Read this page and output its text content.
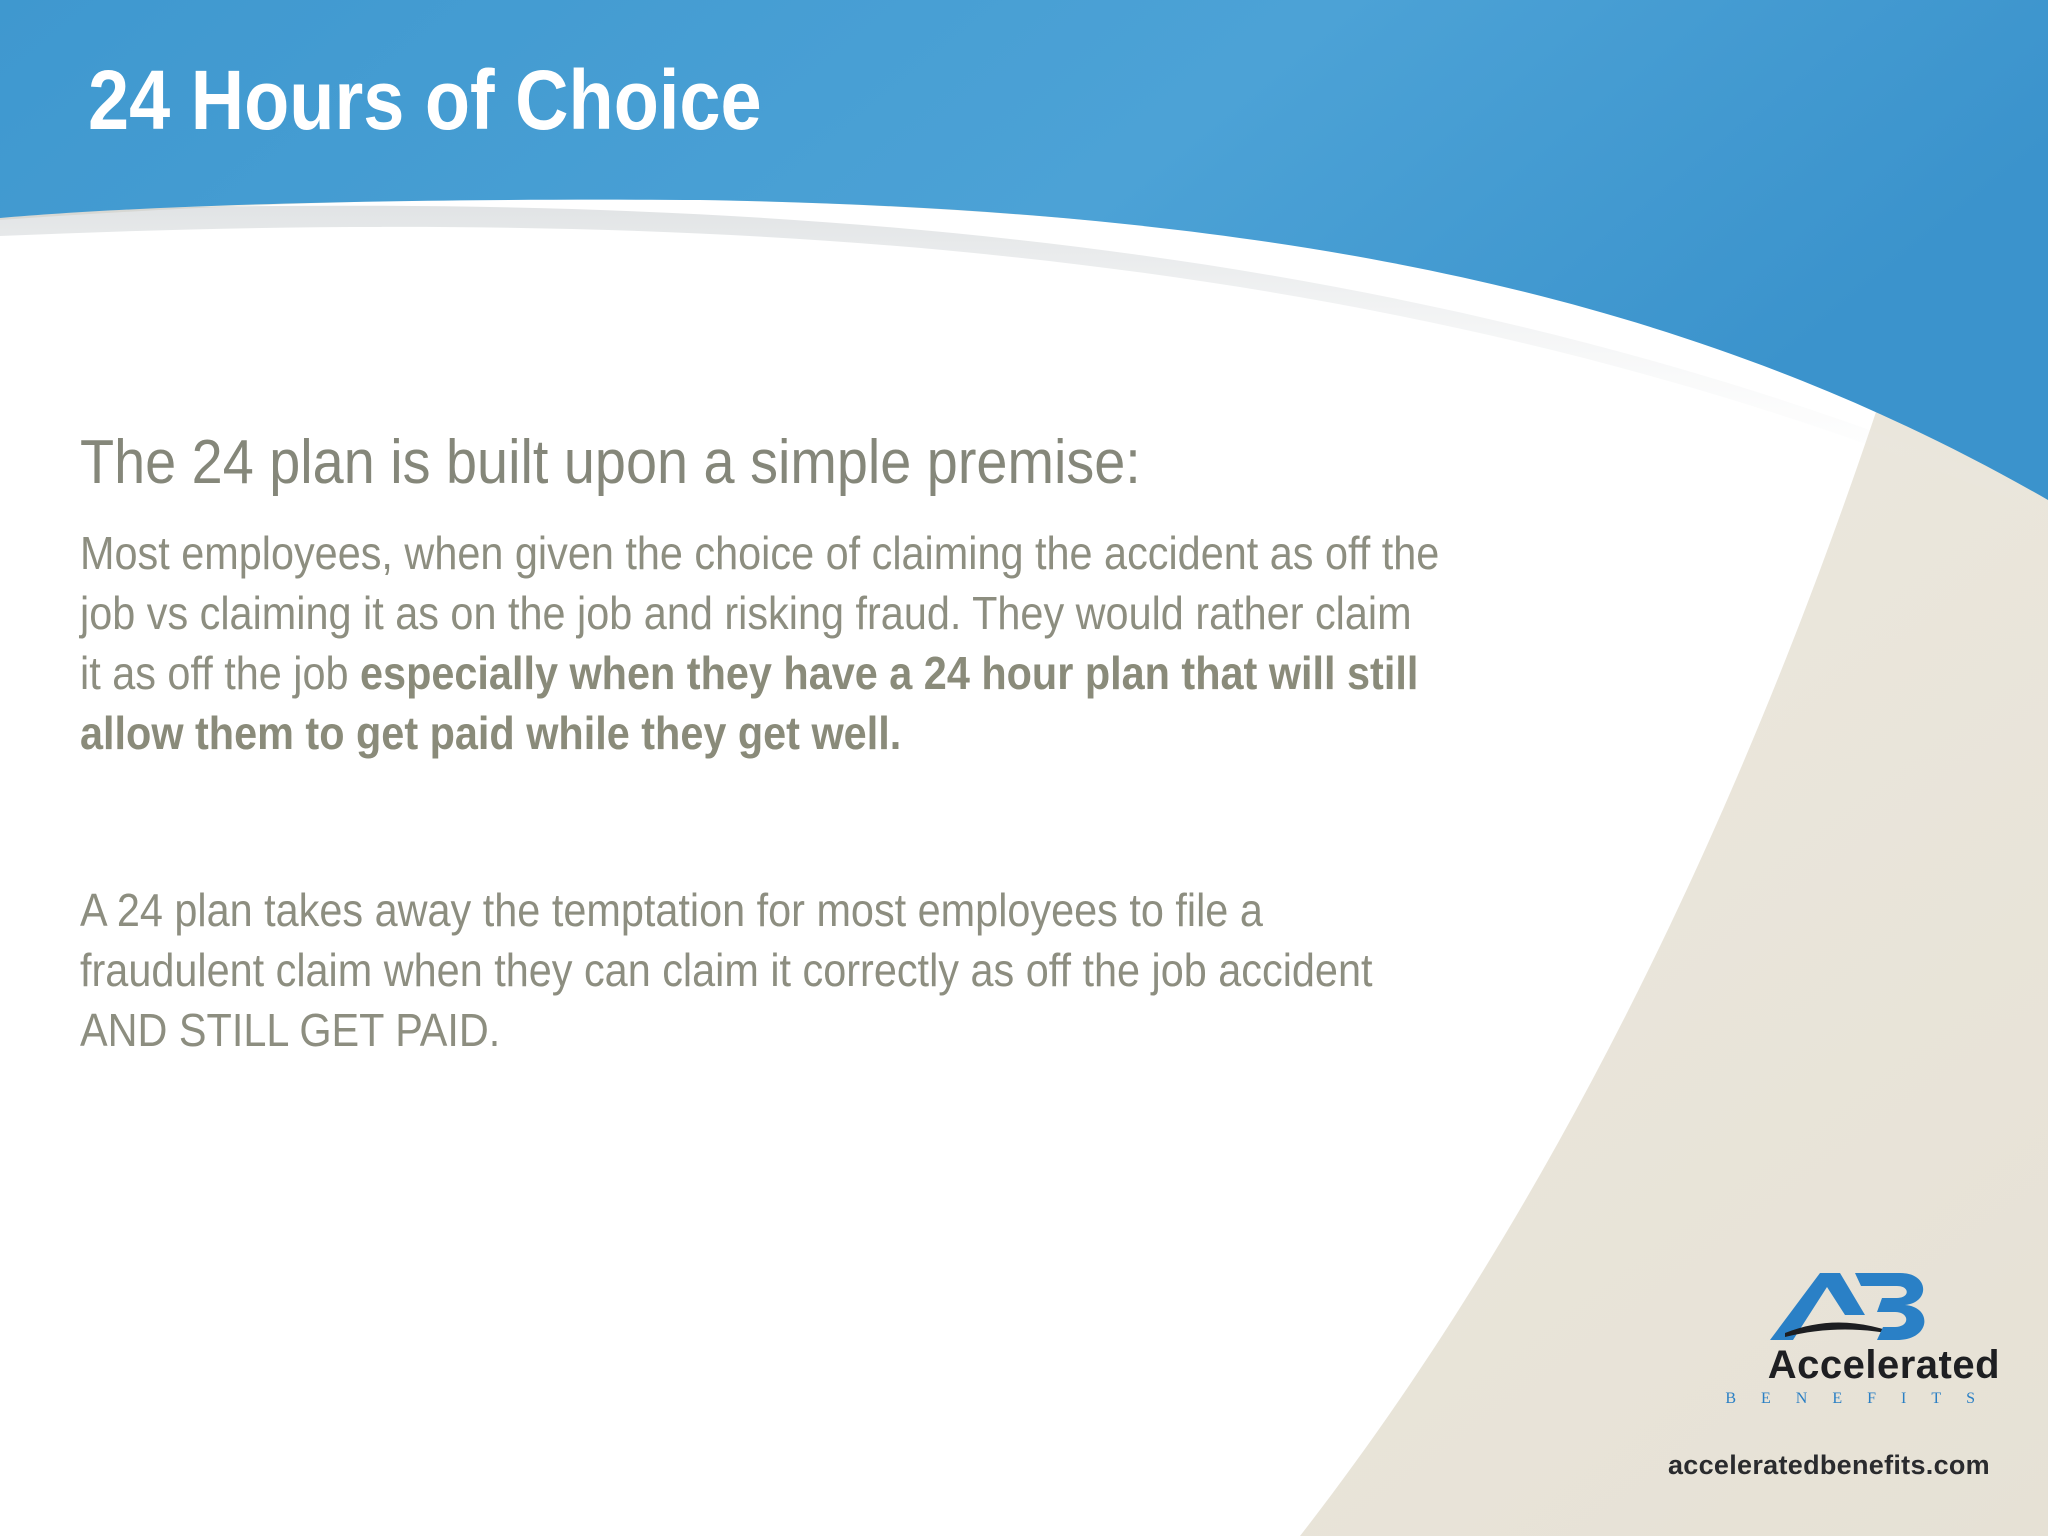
24 Hours of Choice
The 24 plan is built upon a simple premise:

Most employees, when given the choice of claiming the accident as off the
job vs claiming it as on the job and risking fraud. They would rather claim
it as off the job especially when they have a 24 hour plan that will still
allow them to get paid while they get well.

A 24 plan takes away the temptation for most employees to file a
fraudulent claim when they can claim it correctly as off the job accident
AND STILL GET PAID.

Accelerated
BENEFITS
acceleratedbenefits.com
